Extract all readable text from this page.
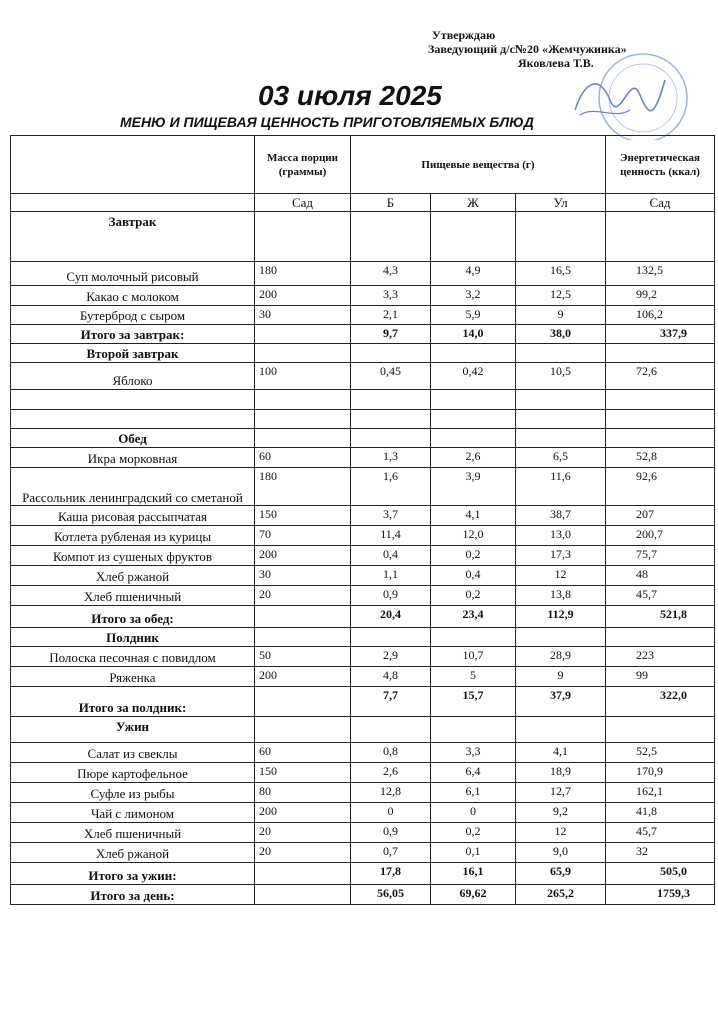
Утверждаю
Заведующий д/с№20 «Жемчужинка»
Яковлева Т.В.
03 июля 2025
МЕНЮ И ПИЩЕВАЯ ЦЕННОСТЬ ПРИГОТОВЛЯЕМЫХ БЛЮД
	Масса порции (граммы)	Пищевые вещества (г)			Энергетическая ценность (ккал)
	Сад	Б	Ж	Ул	Сад
Завтрак					
Суп молочный рисовый	180	4,3	4,9	16,5	132,5
Какао с молоком	200	3,3	3,2	12,5	99,2
Бутерброд с сыром	30	2,1	5,9	9	106,2
Итого за завтрак:		9,7	14,0	38,0	337,9
Второй завтрак					
Яблоко	100	0,45	0,42	10,5	72,6

Обед					
Икра морковная	60	1,3	2,6	6,5	52,8
Рассольник ленинградский со сметаной	180	1,6	3,9	11,6	92,6
Каша рисовая рассыпчатая	150	3,7	4,1	38,7	207
Котлета рубленая из курицы	70	11,4	12,0	13,0	200,7
Компот из сушеных фруктов	200	0,4	0,2	17,3	75,7
Хлеб ржаной	30	1,1	0,4	12	48
Хлеб пшеничный	20	0,9	0,2	13,8	45,7
Итого за обед:		20,4	23,4	112,9	521,8
Полдник					
Полоска песочная с повидлом	50	2,9	10,7	28,9	223
Ряженка	200	4,8	5	9	99
Итого за полдник:		7,7	15,7	37,9	322,0
Ужин					
Салат из свеклы	60	0,8	3,3	4,1	52,5
Пюре картофельное	150	2,6	6,4	18,9	170,9
Суфле из рыбы	80	12,8	6,1	12,7	162,1
Чай с лимоном	200	0	0	9,2	41,8
Хлеб пшеничный	20	0,9	0,2	12	45,7
Хлеб ржаной	20	0,7	0,1	9,0	32
Итого за ужин:		17,8	16,1	65,9	505,0
Итого за день:		56,05	69,62	265,2	1759,3
